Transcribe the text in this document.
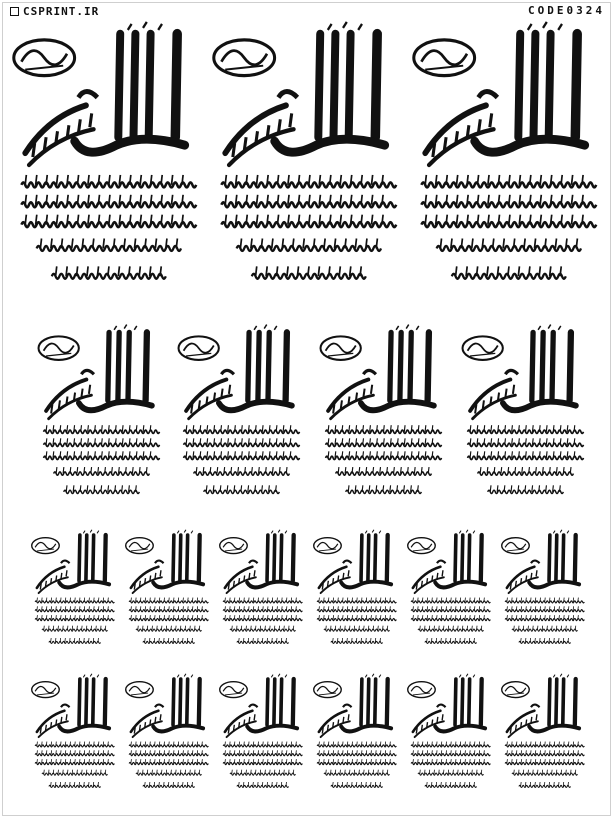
CSPRINT.IR	CODE0324
